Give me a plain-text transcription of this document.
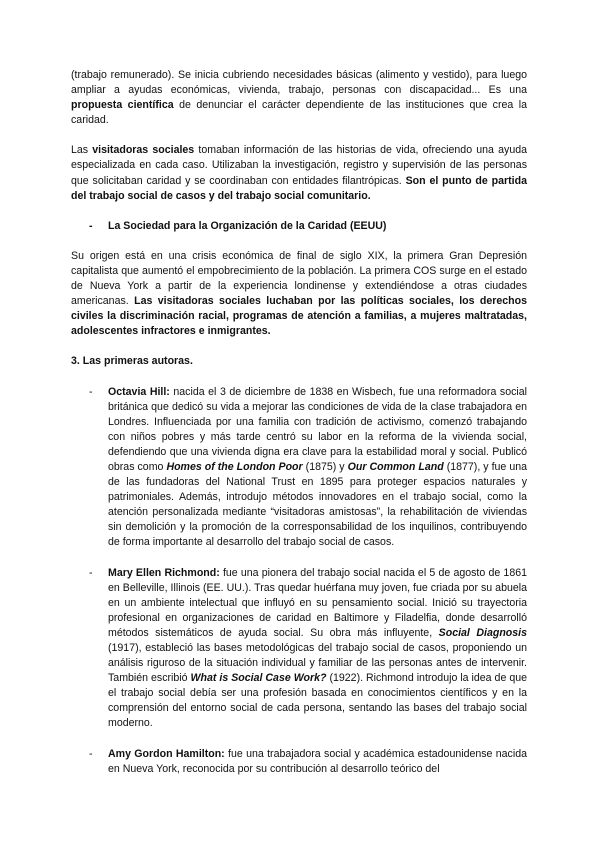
(trabajo remunerado). Se inicia cubriendo necesidades básicas (alimento y vestido), para luego ampliar a ayudas económicas, vivienda, trabajo, personas con discapacidad... Es una propuesta científica de denunciar el carácter dependiente de las instituciones que crea la caridad.

Las visitadoras sociales tomaban información de las historias de vida, ofreciendo una ayuda especializada en cada caso. Utilizaban la investigación, registro y supervisión de las personas que solicitaban caridad y se coordinaban con entidades filantrópicas. Son el punto de partida del trabajo social de casos y del trabajo social comunitario.

- La Sociedad para la Organización de la Caridad (EEUU)

Su origen está en una crisis económica de final de siglo XIX, la primera Gran Depresión capitalista que aumentó el empobrecimiento de la población. La primera COS surge en el estado de Nueva York a partir de la experiencia londinense y extendiéndose a otras ciudades americanas. Las visitadoras sociales luchaban por las políticas sociales, los derechos civiles la discriminación racial, programas de atención a familias, a mujeres maltratadas, adolescentes infractores e inmigrantes.

3. Las primeras autoras.

- Octavia Hill: nacida el 3 de diciembre de 1838 en Wisbech, fue una reformadora social británica que dedicó su vida a mejorar las condiciones de vida de la clase trabajadora en Londres. Influenciada por una familia con tradición de activismo, comenzó trabajando con niños pobres y más tarde centró su labor en la reforma de la vivienda social, defendiendo que una vivienda digna era clave para la estabilidad moral y social. Publicó obras como Homes of the London Poor (1875) y Our Common Land (1877), y fue una de las fundadoras del National Trust en 1895 para proteger espacios naturales y patrimoniales. Además, introdujo métodos innovadores en el trabajo social, como la atención personalizada mediante “visitadoras amistosas”, la rehabilitación de viviendas sin demolición y la promoción de la corresponsabilidad de los inquilinos, contribuyendo de forma importante al desarrollo del trabajo social de casos.

- Mary Ellen Richmond: fue una pionera del trabajo social nacida el 5 de agosto de 1861 en Belleville, Illinois (EE. UU.). Tras quedar huérfana muy joven, fue criada por su abuela en un ambiente intelectual que influyó en su pensamiento social. Inició su trayectoria profesional en organizaciones de caridad en Baltimore y Filadelfia, donde desarrolló métodos sistemáticos de ayuda social. Su obra más influyente, Social Diagnosis (1917), estableció las bases metodológicas del trabajo social de casos, proponiendo un análisis riguroso de la situación individual y familiar de las personas antes de intervenir. También escribió What is Social Case Work? (1922). Richmond introdujo la idea de que el trabajo social debía ser una profesión basada en conocimientos científicos y en la comprensión del entorno social de cada persona, sentando las bases del trabajo social moderno.

- Amy Gordon Hamilton: fue una trabajadora social y académica estadounidense nacida en Nueva York, reconocida por su contribución al desarrollo teórico del
